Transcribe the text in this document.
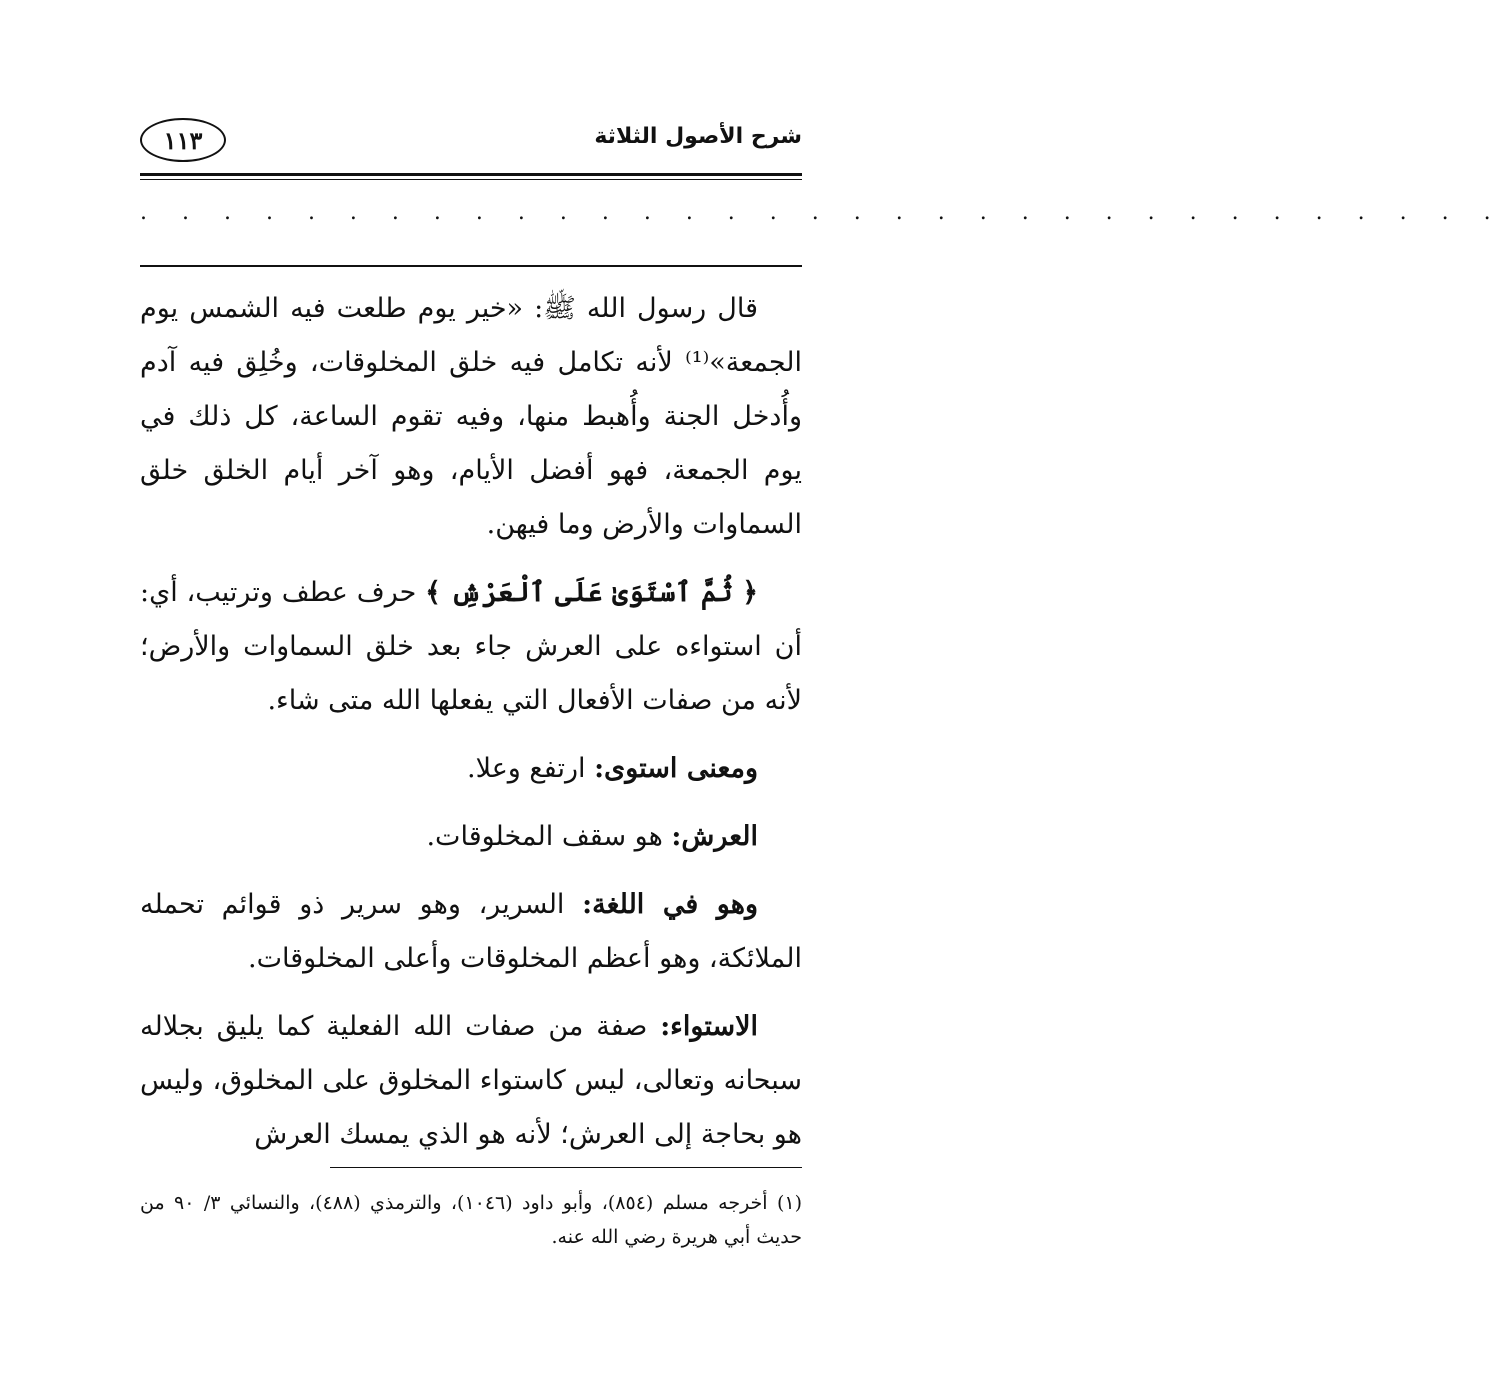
شرح الأصول الثلاثة
١١٣
. . . . . . . . . . . . . . . . . . . . . . . . . . . . . . . . .

قال رسول الله ﷺ: «خير يوم طلعت فيه الشمس يوم الجمعة»⁽¹⁾ لأنه تكامل فيه خلق المخلوقات، وخُلِق فيه آدم وأُدخل الجنة وأُهبط منها، وفيه تقوم الساعة، كل ذلك في يوم الجمعة، فهو أفضل الأيام، وهو آخر أيام الخلق خلق السماوات والأرض وما فيهن.

﴿ ثُمَّ ٱسْتَوَىٰ عَلَى ٱلْعَرْشِ ﴾ حرف عطف وترتيب، أي: أن استواءه على العرش جاء بعد خلق السماوات والأرض؛ لأنه من صفات الأفعال التي يفعلها الله متى شاء.

ومعنى استوى: ارتفع وعلا.

العرش: هو سقف المخلوقات.

وهو في اللغة: السرير، وهو سرير ذو قوائم تحمله الملائكة، وهو أعظم المخلوقات وأعلى المخلوقات.

الاستواء: صفة من صفات الله الفعلية كما يليق بجلاله سبحانه وتعالى، ليس كاستواء المخلوق على المخلوق، وليس هو بحاجة إلى العرش؛ لأنه هو الذي يمسك العرش

(١) أخرجه مسلم (٨٥٤)، وأبو داود (١٠٤٦)، والترمذي (٤٨٨)، والنسائي ٣/ ٩٠ من حديث أبي هريرة رضي الله عنه.
